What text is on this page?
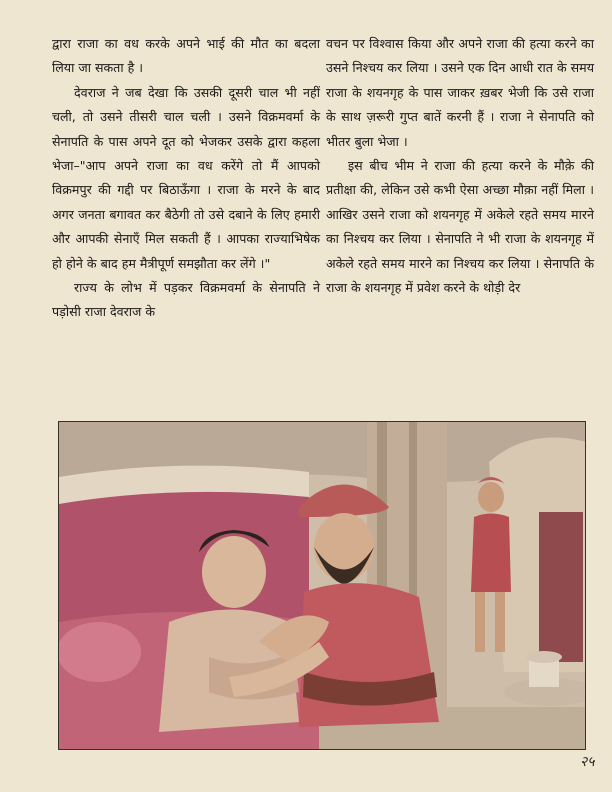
द्वारा राजा का वध करके अपने भाई की मौत का बदला लिया जा सकता है ।

देवराज ने जब देखा कि उसकी दूसरी चाल भी नहीं चली, तो उसने तीसरी चाल चली । उसने विक्रमवर्मा के सेनापति के पास अपने दूत को भेजकर उसके द्वारा कहला भेजा–"आप अपने राजा का वध करेंगे तो मैं आपको विक्रमपुर की गद्दी पर बिठाऊँगा । राजा के मरने के बाद अगर जनता बगावत कर बैठेगी तो उसे दबाने के लिए हमारी और आपकी सेनाएँ मिल सकती हैं । आपका राज्याभिषेक हो होने के बाद हम मैत्रीपूर्ण समझौता कर लेंगे ।"

राज्य के लोभ में पड़कर विक्रमवर्मा के सेनापति ने पड़ोसी राजा देवराज के

वचन पर विश्वास किया और अपने राजा की हत्या करने का उसने निश्चय कर लिया । उसने एक दिन आधी रात के समय राजा के शयनगृह के पास जाकर ख़बर भेजी कि उसे राजा के साथ ज़रूरी गुप्त बातें करनी हैं । राजा ने सेनापति को भीतर बुला भेजा ।

इस बीच भीम ने राजा की हत्या करने के मौक़े की प्रतीक्षा की, लेकिन उसे कभी ऐसा अच्छा मौक़ा नहीं मिला । आखिर उसने राजा को शयनगृह में अकेले रहते समय मारने का निश्चय कर लिया । सेनापति ने भी राजा के शयनगृह में अकेले रहते समय मारने का निश्चय कर लिया । सेनापति के राजा के शयनगृह में प्रवेश करने के थोड़ी देर

२५
